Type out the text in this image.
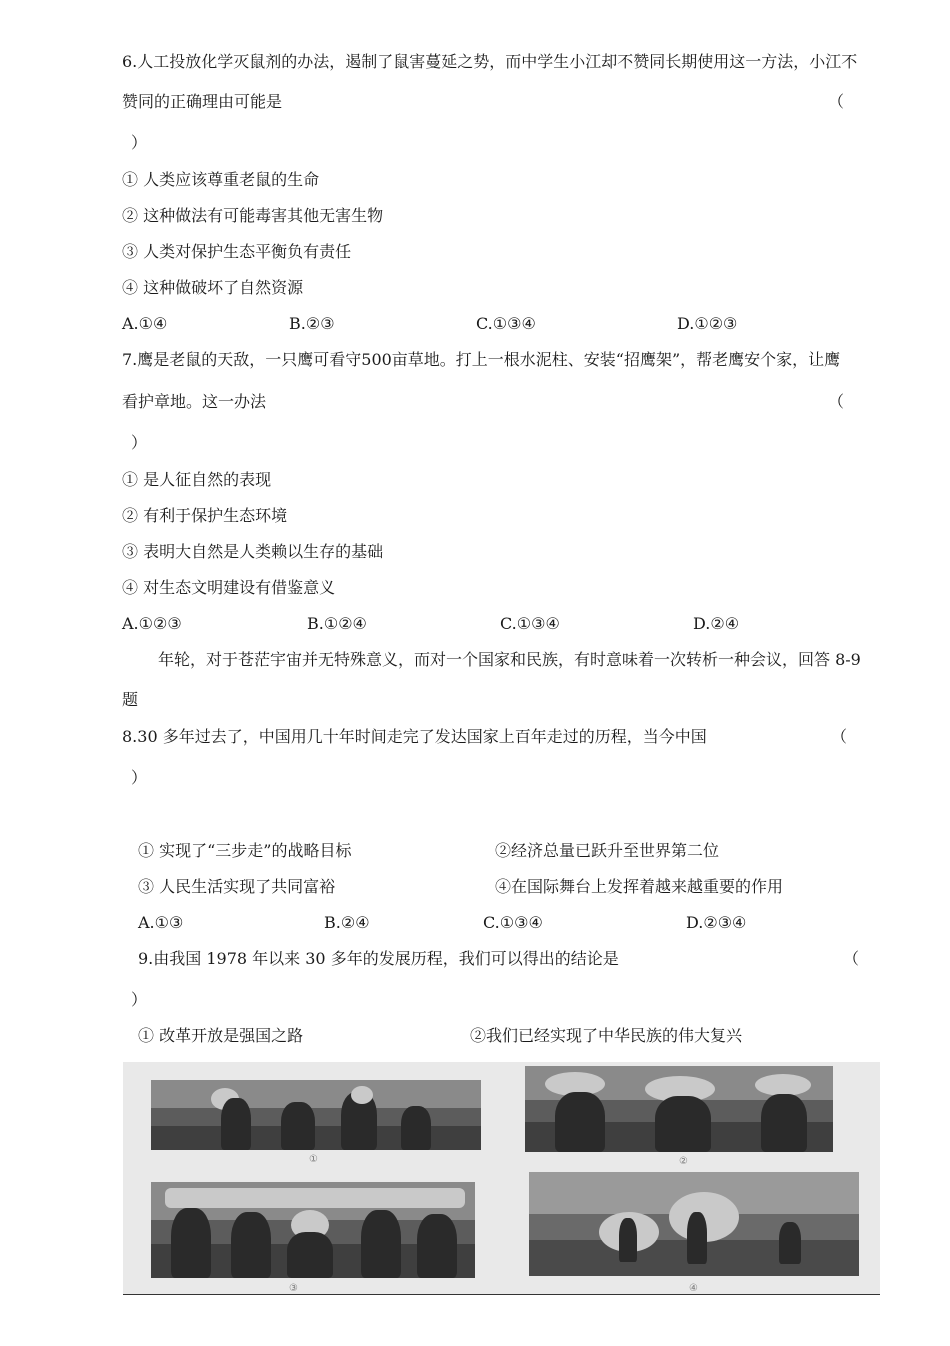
6.人工投放化学灭鼠剂的办法，遏制了鼠害蔓延之势，而中学生小江却不赞同长期使用这一方法，小江不
赞同的正确理由可能是	（
）
① 人类应该尊重老鼠的生命
② 这种做法有可能毒害其他无害生物
③ 人类对保护生态平衡负有责任
④ 这种做破坏了自然资源
A.①④	B.②③	C.①③④	D.①②③
7.鹰是老鼠的天敌，一只鹰可看守500亩草地。打上一根水泥柱、安装“招鹰架”，帮老鹰安个家，让鹰
看护章地。这一办法	（
）
① 是人征自然的表现
② 有利于保护生态环境
③ 表明大自然是人类赖以生存的基础
④ 对生态文明建设有借鉴意义
A.①②③	B.①②④	C.①③④	D.②④
年轮，对于苍茫宇宙并无特殊意义，而对一个国家和民族，有时意味着一次转析一种会议，回答 8-9
题
8.30 多年过去了，中国用几十年时间走完了发达国家上百年走过的历程，当今中国	（
）
① 实现了“三步走”的战略目标	②经济总量已跃升至世界第二位
③ 人民生活实现了共同富裕	④在国际舞台上发挥着越来越重要的作用
A.①③	B.②④	C.①③④	D.②③④
9.由我国 1978 年以来 30 多年的发展历程，我们可以得出的结论是	（
）
① 改革开放是强国之路	②我们已经实现了中华民族的伟大复兴
①	②
③	④
